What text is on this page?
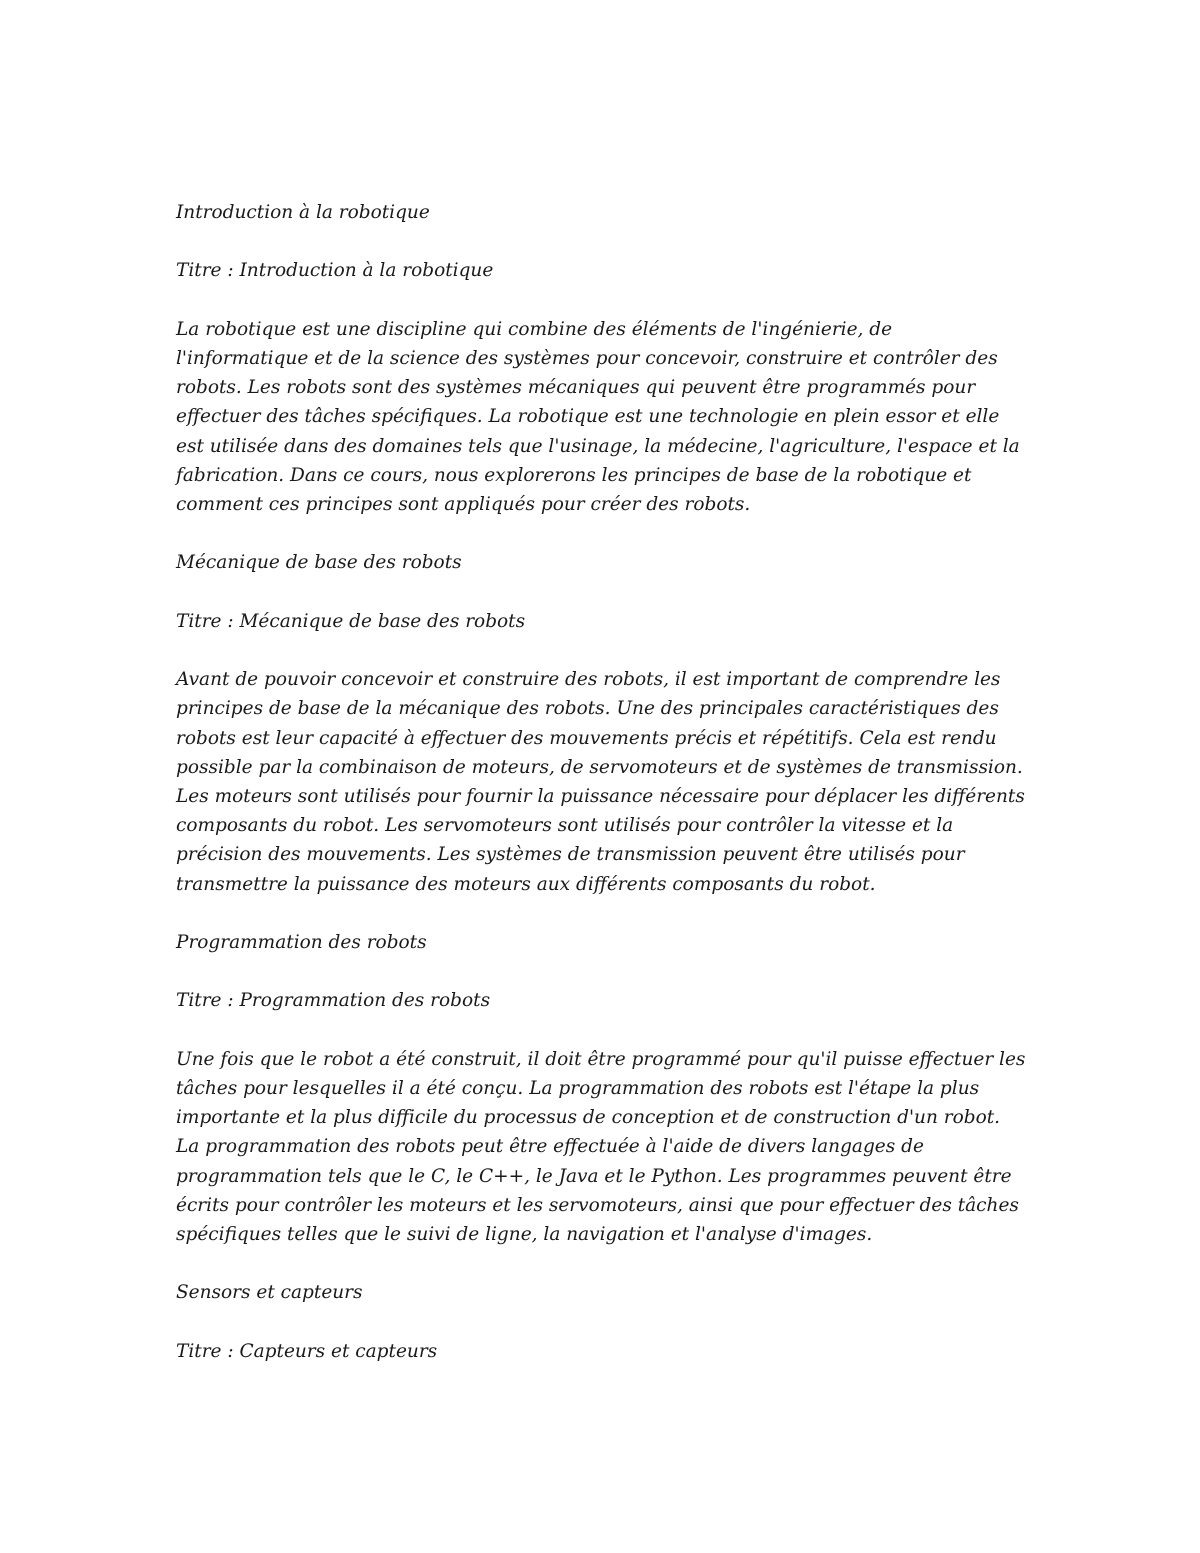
Introduction à la robotique

Titre : Introduction à la robotique

La robotique est une discipline qui combine des éléments de l'ingénierie, de l'informatique et de la science des systèmes pour concevoir, construire et contrôler des robots. Les robots sont des systèmes mécaniques qui peuvent être programmés pour effectuer des tâches spécifiques. La robotique est une technologie en plein essor et elle est utilisée dans des domaines tels que l'usinage, la médecine, l'agriculture, l'espace et la fabrication. Dans ce cours, nous explorerons les principes de base de la robotique et comment ces principes sont appliqués pour créer des robots.

Mécanique de base des robots

Titre : Mécanique de base des robots

Avant de pouvoir concevoir et construire des robots, il est important de comprendre les principes de base de la mécanique des robots. Une des principales caractéristiques des robots est leur capacité à effectuer des mouvements précis et répétitifs. Cela est rendu possible par la combinaison de moteurs, de servomoteurs et de systèmes de transmission. Les moteurs sont utilisés pour fournir la puissance nécessaire pour déplacer les différents composants du robot. Les servomoteurs sont utilisés pour contrôler la vitesse et la précision des mouvements. Les systèmes de transmission peuvent être utilisés pour transmettre la puissance des moteurs aux différents composants du robot.

Programmation des robots

Titre : Programmation des robots

Une fois que le robot a été construit, il doit être programmé pour qu'il puisse effectuer les tâches pour lesquelles il a été conçu. La programmation des robots est l'étape la plus importante et la plus difficile du processus de conception et de construction d'un robot. La programmation des robots peut être effectuée à l'aide de divers langages de programmation tels que le C, le C++, le Java et le Python. Les programmes peuvent être écrits pour contrôler les moteurs et les servomoteurs, ainsi que pour effectuer des tâches spécifiques telles que le suivi de ligne, la navigation et l'analyse d'images.

Sensors et capteurs

Titre : Capteurs et capteurs
